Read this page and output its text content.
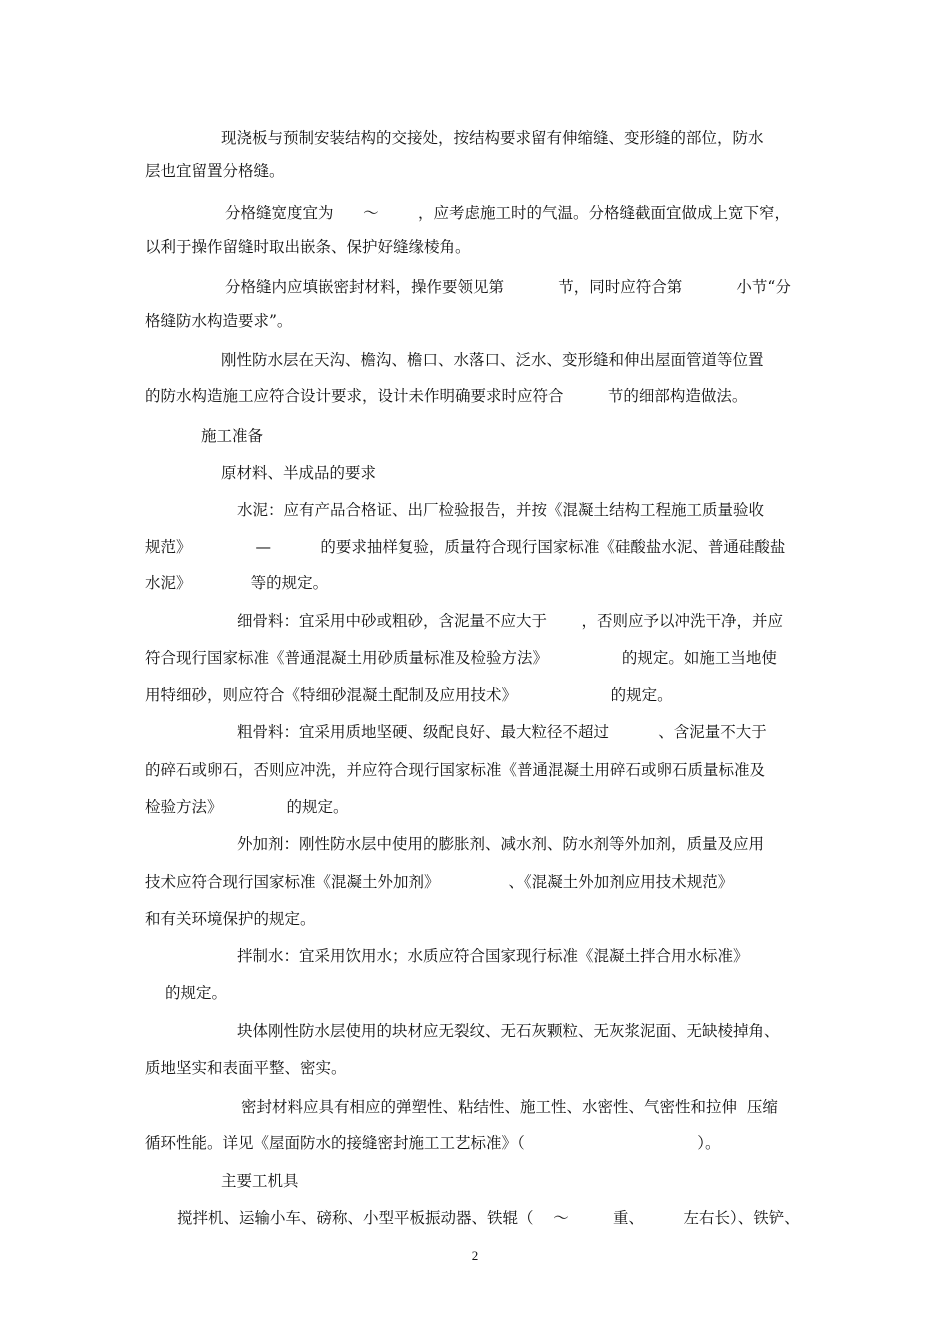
现浇板与预制安装结构的交接处，按结构要求留有伸缩缝、变形缝的部位，防水
层也宜留置分格缝。
分格缝宽度宜为      ～        ，应考虑施工时的气温。分格缝截面宜做成上宽下窄，
以利于操作留缝时取出嵌条、保护好缝缘棱角。
分格缝内应填嵌密封材料，操作要领见第           节，同时应符合第           小节“分
格缝防水构造要求”。
刚性防水层在天沟、檐沟、檐口、水落口、泛水、变形缝和伸出屋面管道等位置
的防水构造施工应符合设计要求，设计未作明确要求时应符合         节的细部构造做法。
施工准备
原材料、半成品的要求
水泥：应有产品合格证、出厂检验报告，并按《混凝土结构工程施工质量验收
规范》             —          的要求抽样复验，质量符合现行国家标准《硅酸盐水泥、普通硅酸盐
水泥》            等的规定。
细骨料：宜采用中砂或粗砂，含泥量不应大于       ，否则应予以冲洗干净，并应
符合现行国家标准《普通混凝土用砂质量标准及检验方法》               的规定。如施工当地使
用特细砂，则应符合《特细砂混凝土配制及应用技术》                   的规定。
粗骨料：宜采用质地坚硬、级配良好、最大粒径不超过          、含泥量不大于
的碎石或卵石，否则应冲洗，并应符合现行国家标准《普通混凝土用碎石或卵石质量标准及
检验方法》             的规定。
外加剂：刚性防水层中使用的膨胀剂、减水剂、防水剂等外加剂，质量及应用
技术应符合现行国家标准《混凝土外加剂》              、《混凝土外加剂应用技术规范》
和有关环境保护的规定。
拌制水：宜采用饮用水；水质应符合国家现行标准《混凝土拌合用水标准》
的规定。
块体刚性防水层使用的块材应无裂纹、无石灰颗粒、无灰浆泥面、无缺棱掉角、
质地坚实和表面平整、密实。
密封材料应具有相应的弹塑性、粘结性、施工性、水密性、气密性和拉伸  压缩
循环性能。详见《屋面防水的接缝密封施工工艺标准》（                                   ）。
主要工机具
搅拌机、运输小车、磅称、小型平板振动器、铁辊（    ～         重、        左右长）、铁铲、
2
